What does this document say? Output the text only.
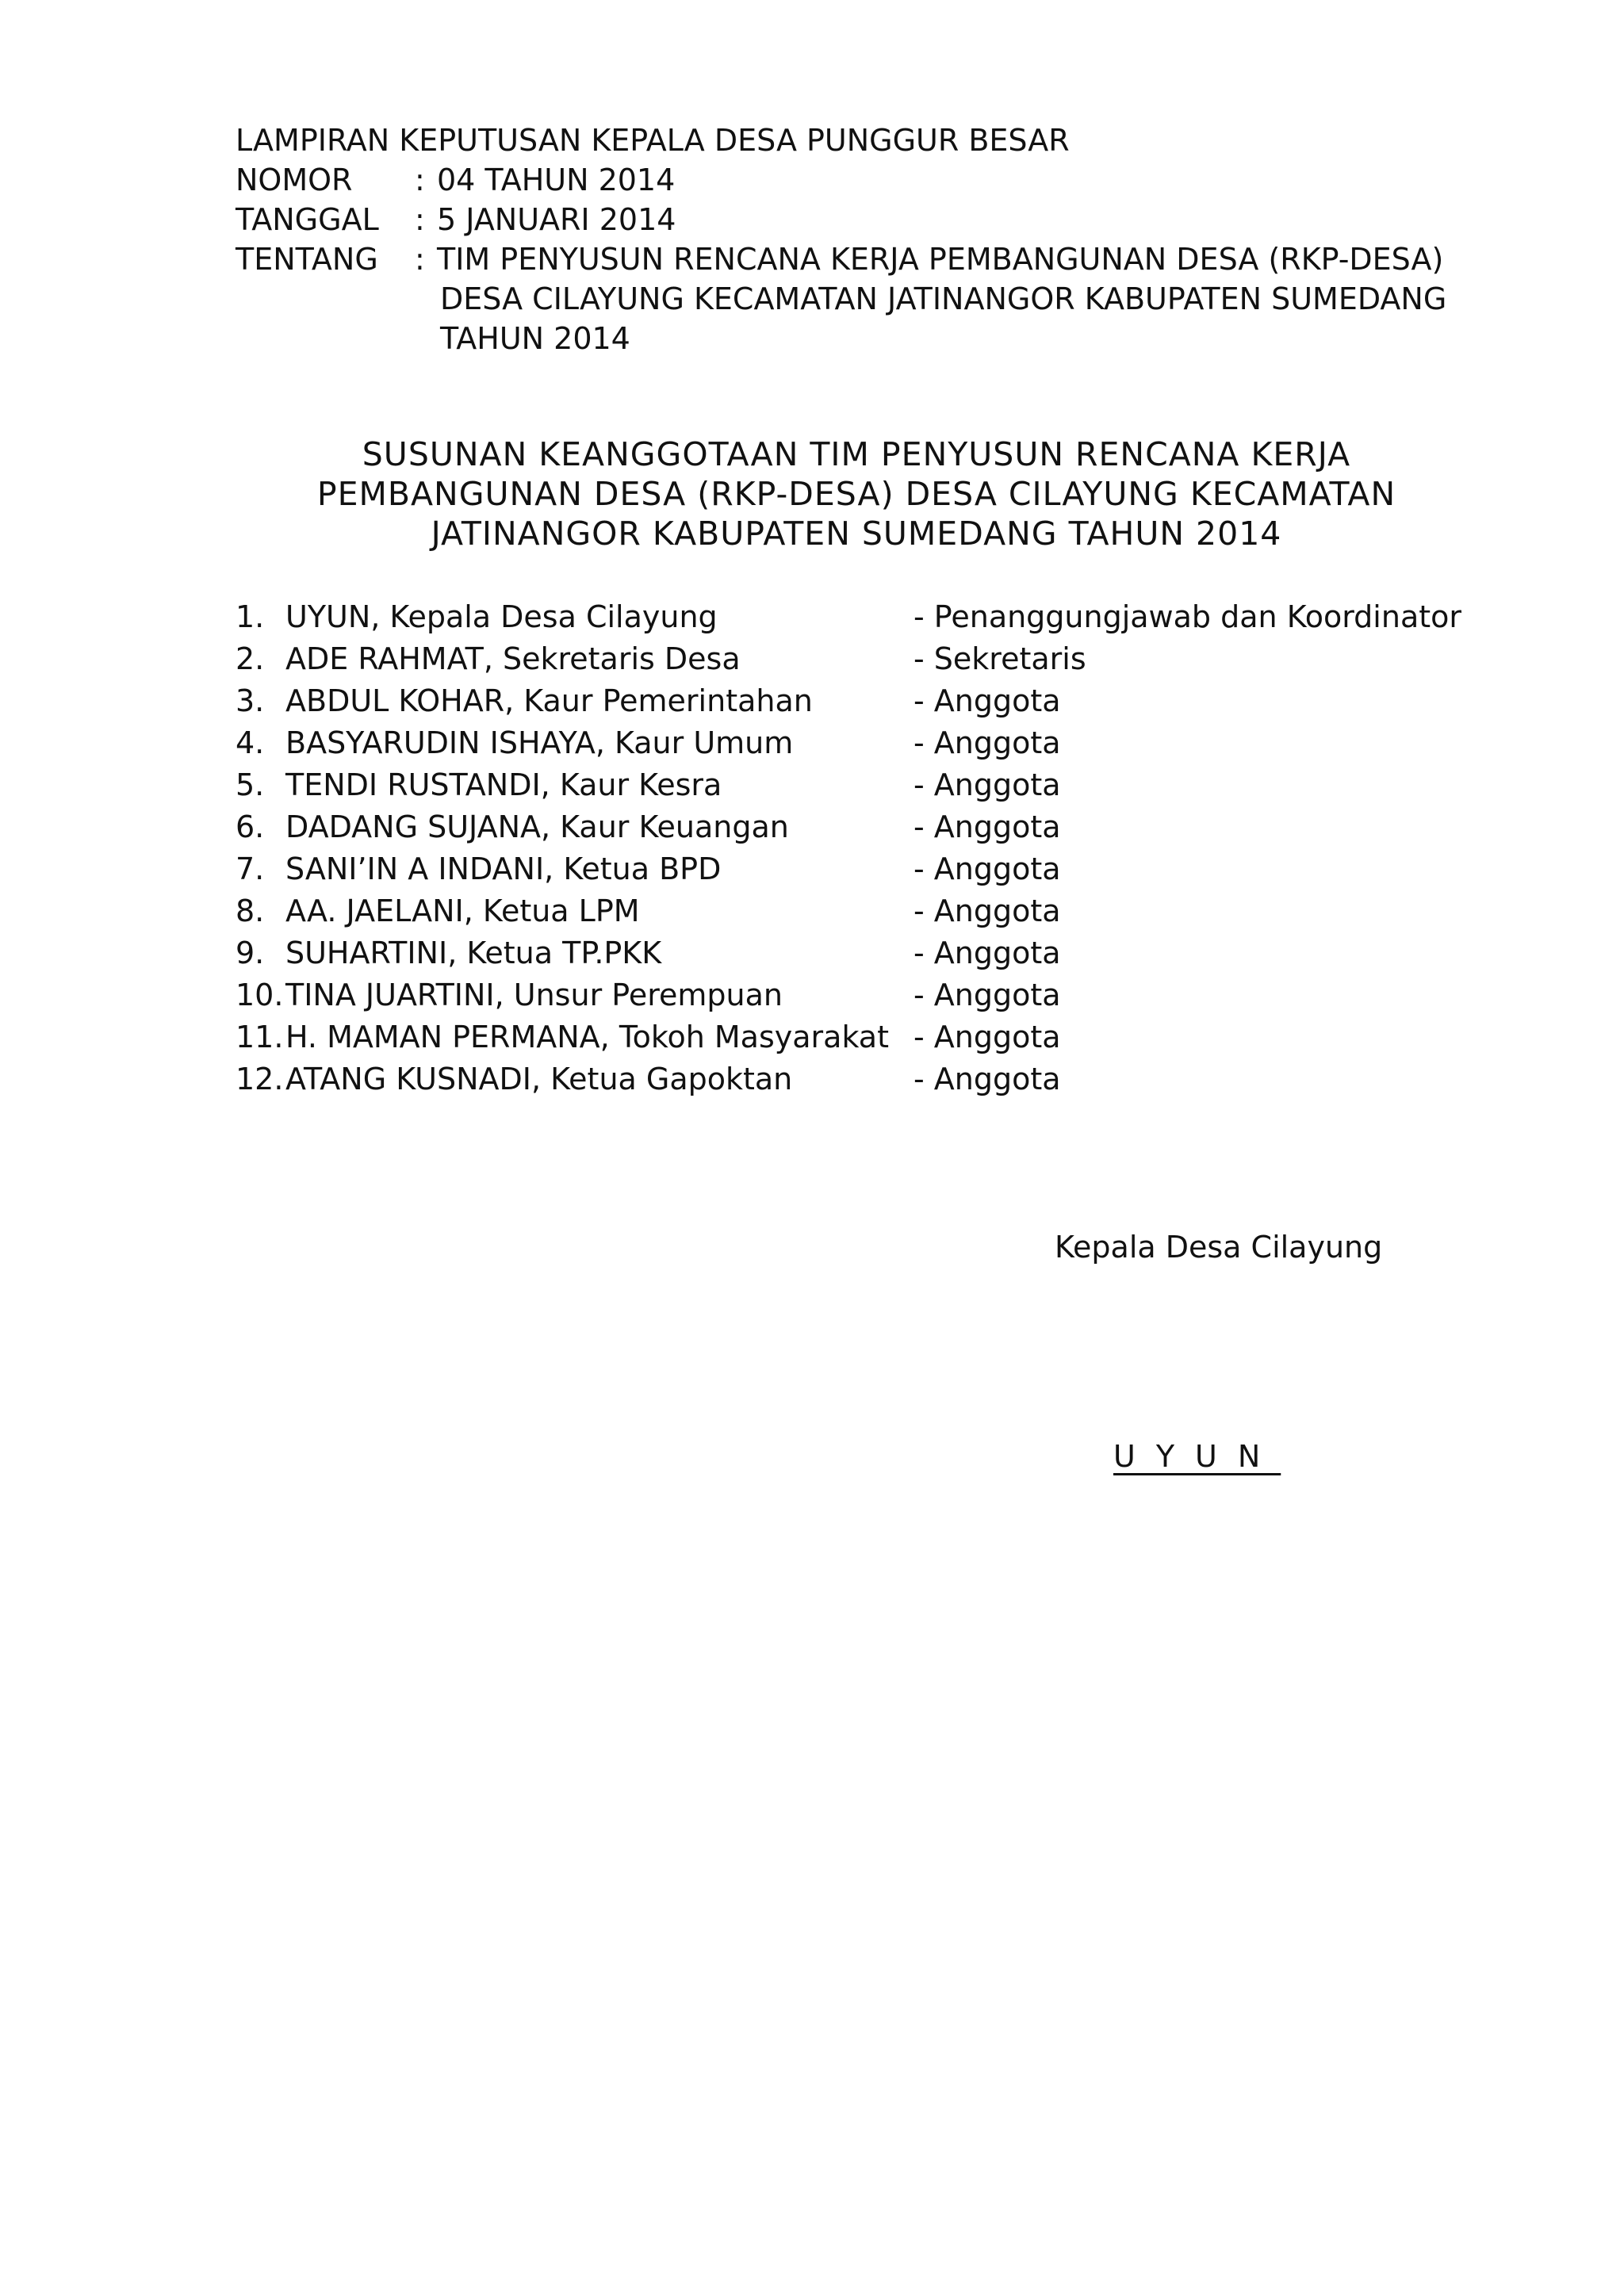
LAMPIRAN KEPUTUSAN KEPALA DESA PUNGGUR BESAR
NOMOR : 04 TAHUN 2014
TANGGAL : 5 JANUARI 2014
TENTANG : TIM PENYUSUN RENCANA KERJA PEMBANGUNAN DESA (RKP-DESA)
DESA CILAYUNG KECAMATAN JATINANGOR KABUPATEN SUMEDANG
TAHUN 2014
SUSUNAN KEANGGOTAAN TIM PENYUSUN RENCANA KERJA
PEMBANGUNAN DESA (RKP-DESA) DESA CILAYUNG KECAMATAN
JATINANGOR KABUPATEN SUMEDANG TAHUN 2014
1. UYUN, Kepala Desa Cilayung	- Penanggungjawab dan Koordinator
2. ADE RAHMAT, Sekretaris Desa	- Sekretaris
3. ABDUL KOHAR, Kaur Pemerintahan	- Anggota
4. BASYARUDIN ISHAYA, Kaur Umum	- Anggota
5. TENDI RUSTANDI, Kaur Kesra	- Anggota
6. DADANG SUJANA, Kaur Keuangan	- Anggota
7. SANI’IN A INDANI, Ketua BPD	- Anggota
8. AA. JAELANI, Ketua LPM	- Anggota
9. SUHARTINI, Ketua TP.PKK	- Anggota
10. TINA JUARTINI, Unsur Perempuan	- Anggota
11. H. MAMAN PERMANA, Tokoh Masyarakat - Anggota
12. ATANG KUSNADI, Ketua Gapoktan	- Anggota
Kepala Desa Cilayung
UYUN
